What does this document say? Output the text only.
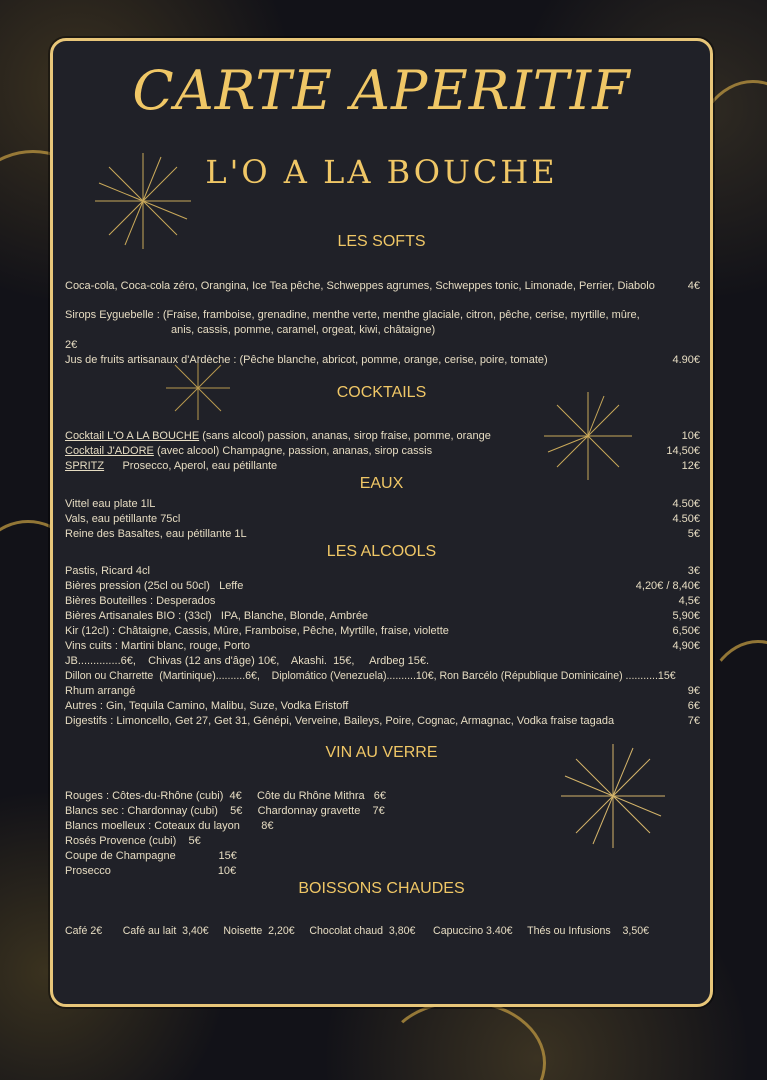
CARTE APERITIF
L'O A LA BOUCHE
LES SOFTS
Coca-cola, Coca-cola zéro, Orangina, Ice Tea pêche, Schweppes agrumes, Schweppes tonic, Limonade, Perrier, Diabolo	4€
Sirops Eyguebelle : (Fraise, framboise, grenadine, menthe verte, menthe glaciale, citron, pêche, cerise, myrtille, mûre,
anis, cassis, pomme, caramel, orgeat, kiwi, châtaigne)
2€
Jus de fruits artisanaux d'Ardèche : (Pêche blanche, abricot, pomme, orange, cerise, poire, tomate)	4.90€
COCKTAILS
Cocktail L'O A LA BOUCHE (sans alcool) passion, ananas, sirop fraise, pomme, orange	10€
Cocktail J'ADORE (avec alcool) Champagne, passion, ananas, sirop cassis	14,50€
SPRITZ      Prosecco, Aperol, eau pétillante	12€
EAUX
Vittel eau plate 1lL	4.50€
Vals, eau pétillante 75cl	4.50€
Reine des Basaltes, eau pétillante 1L	5€
LES ALCOOLS
Pastis, Ricard 4cl	3€
Bières pression (25cl ou 50cl)   Leffe	4,20€ / 8,40€
Bières Bouteilles : Desperados	4,5€
Bières Artisanales BIO : (33cl)   IPA, Blanche, Blonde, Ambrée	5,90€
Kir (12cl) : Châtaigne, Cassis, Mûre, Framboise, Pêche, Myrtille, fraise, violette	6,50€
Vins cuits : Martini blanc, rouge, Porto	4,90€
JB..............6€,    Chivas (12 ans d'âge) 10€,    Akashi.  15€,     Ardbeg 15€.
Dillon ou Charrette  (Martinique)..........6€,    Diplomático (Venezuela)..........10€, Ron Barcélo (République Dominicaine) ...........15€
Rhum arrangé	9€
Autres : Gin, Tequila Camino, Malibu, Suze, Vodka Eristoff	6€
Digestifs : Limoncello, Get 27, Get 31, Génépi, Verveine, Baileys, Poire, Cognac, Armagnac, Vodka fraise tagada	7€
VIN AU VERRE
Rouges : Côtes-du-Rhône (cubi)  4€     Côte du Rhône Mithra   6€
Blancs sec : Chardonnay (cubi)    5€     Chardonnay gravette    7€
Blancs moelleux : Coteaux du layon       8€
Rosés Provence (cubi)    5€
Coupe de Champagne              15€
Prosecco                                   10€
BOISSONS CHAUDES
Café 2€       Café au lait  3,40€     Noisette  2,20€     Chocolat chaud  3,80€      Capuccino 3.40€     Thés ou Infusions    3,50€
